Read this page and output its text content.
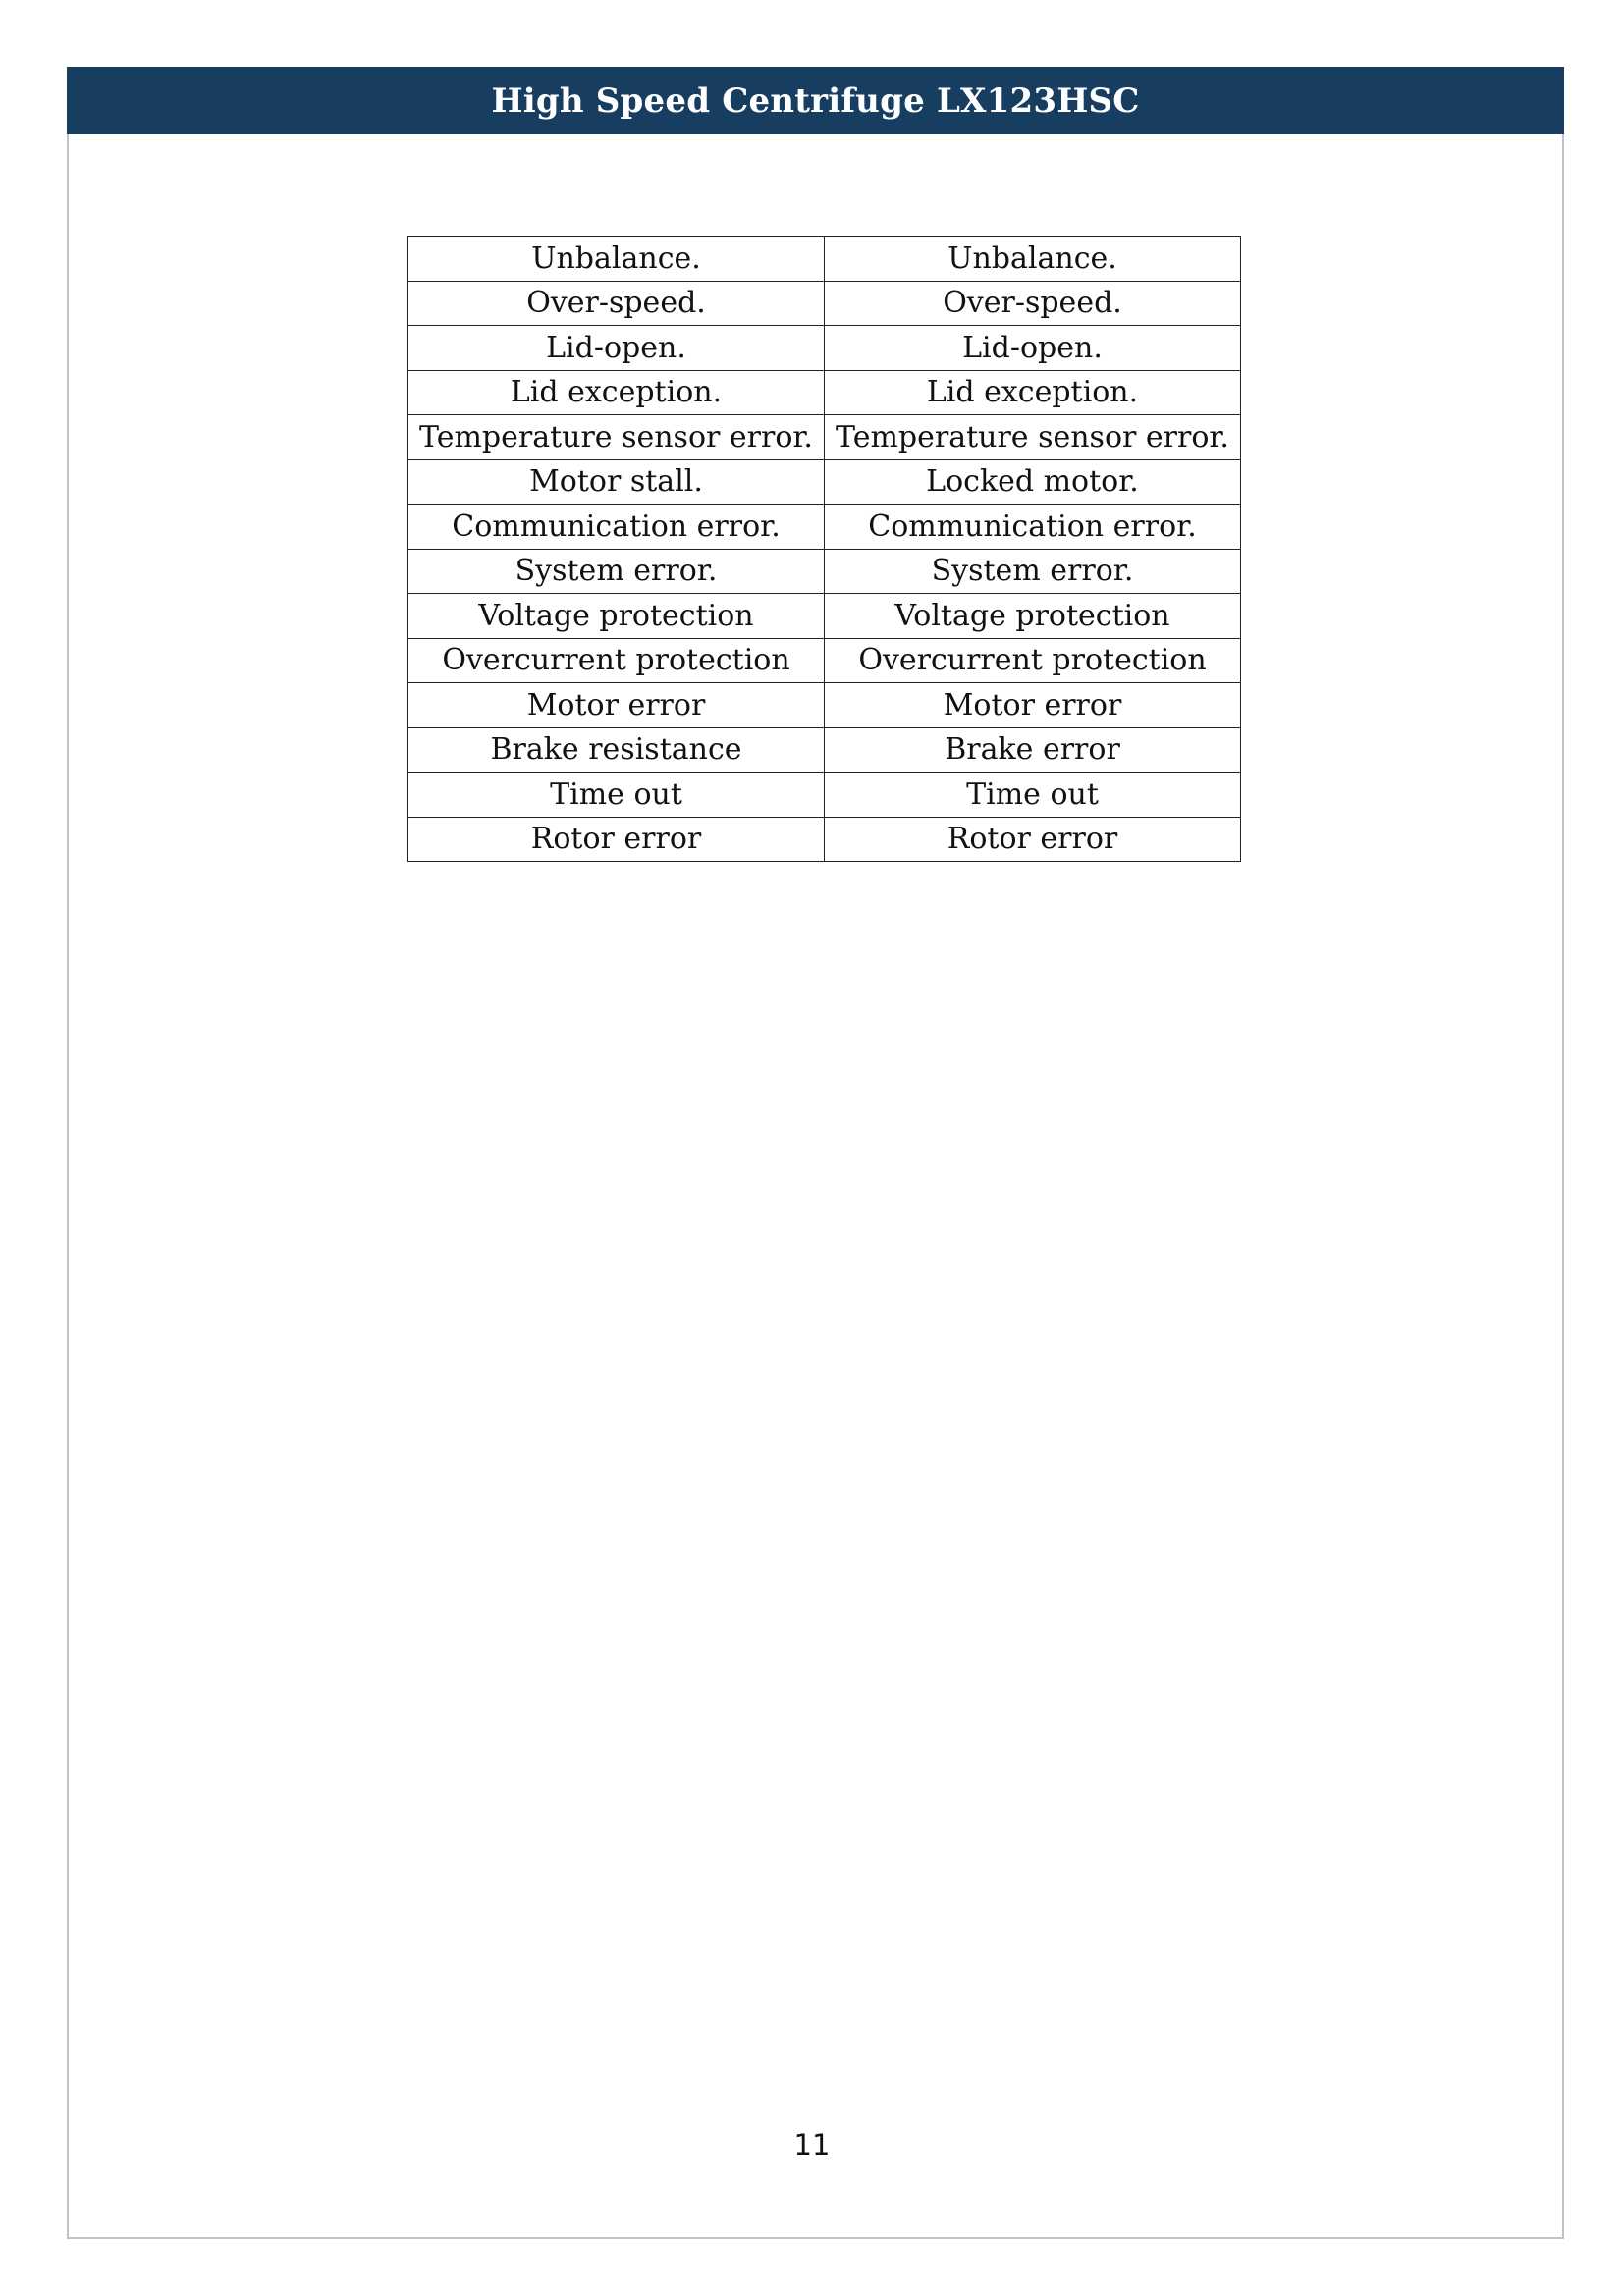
High Speed Centrifuge LX123HSC
Unbalance.	Unbalance.
Over-speed.	Over-speed.
Lid-open.	Lid-open.
Lid exception.	Lid exception.
Temperature sensor error.	Temperature sensor error.
Motor stall.	Locked motor.
Communication error.	Communication error.
System error.	System error.
Voltage protection	Voltage protection
Overcurrent protection	Overcurrent protection
Motor error	Motor error
Brake resistance	Brake error
Time out	Time out
Rotor error	Rotor error
11
